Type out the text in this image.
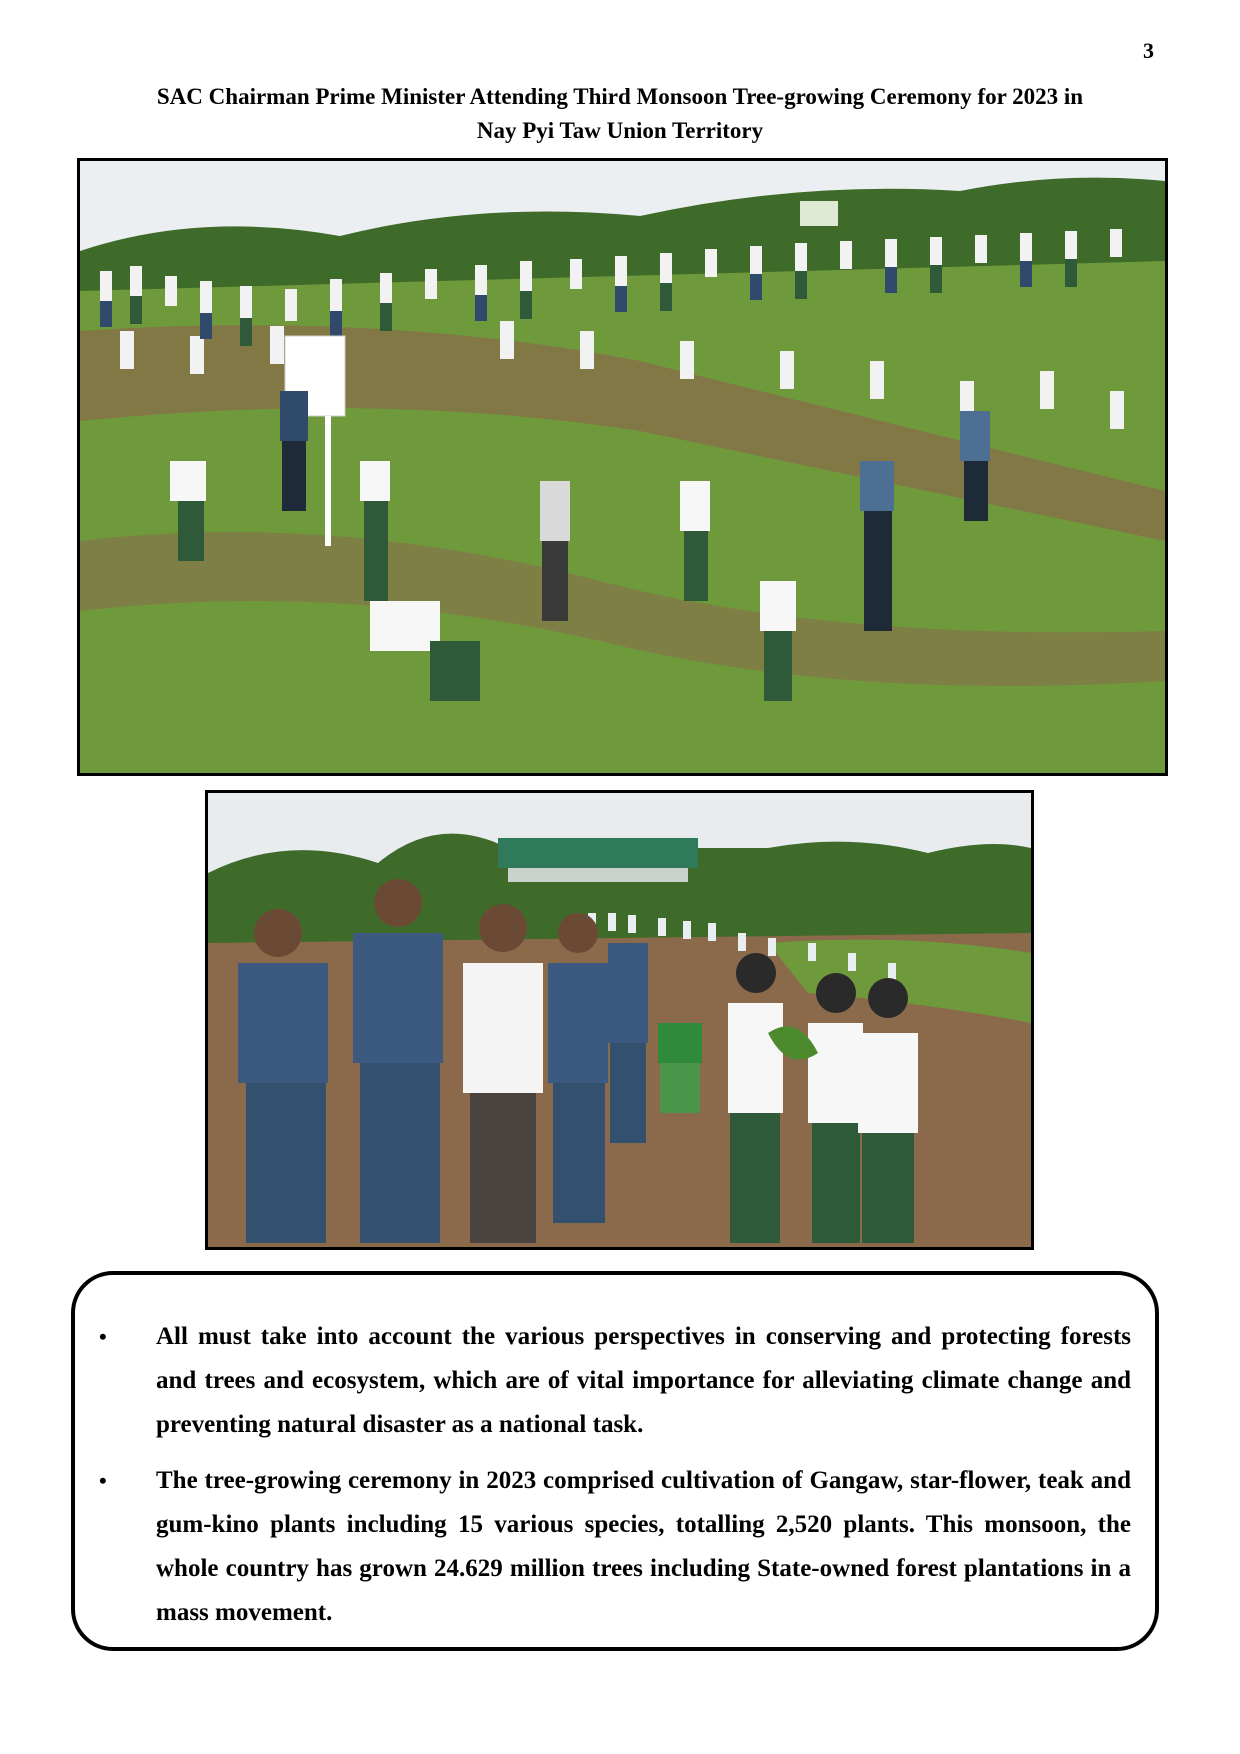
3
SAC Chairman Prime Minister Attending Third Monsoon Tree-growing Ceremony for 2023 in
Nay Pyi Taw Union Territory
• All must take into account the various perspectives in conserving and protecting forests and trees and ecosystem, which are of vital importance for alleviating climate change and preventing natural disaster as a national task.
• The tree-growing ceremony in 2023 comprised cultivation of Gangaw, star-flower, teak and gum-kino plants including 15 various species, totalling 2,520 plants. This monsoon, the whole country has grown 24.629 million trees including State-owned forest plantations in a mass movement.
